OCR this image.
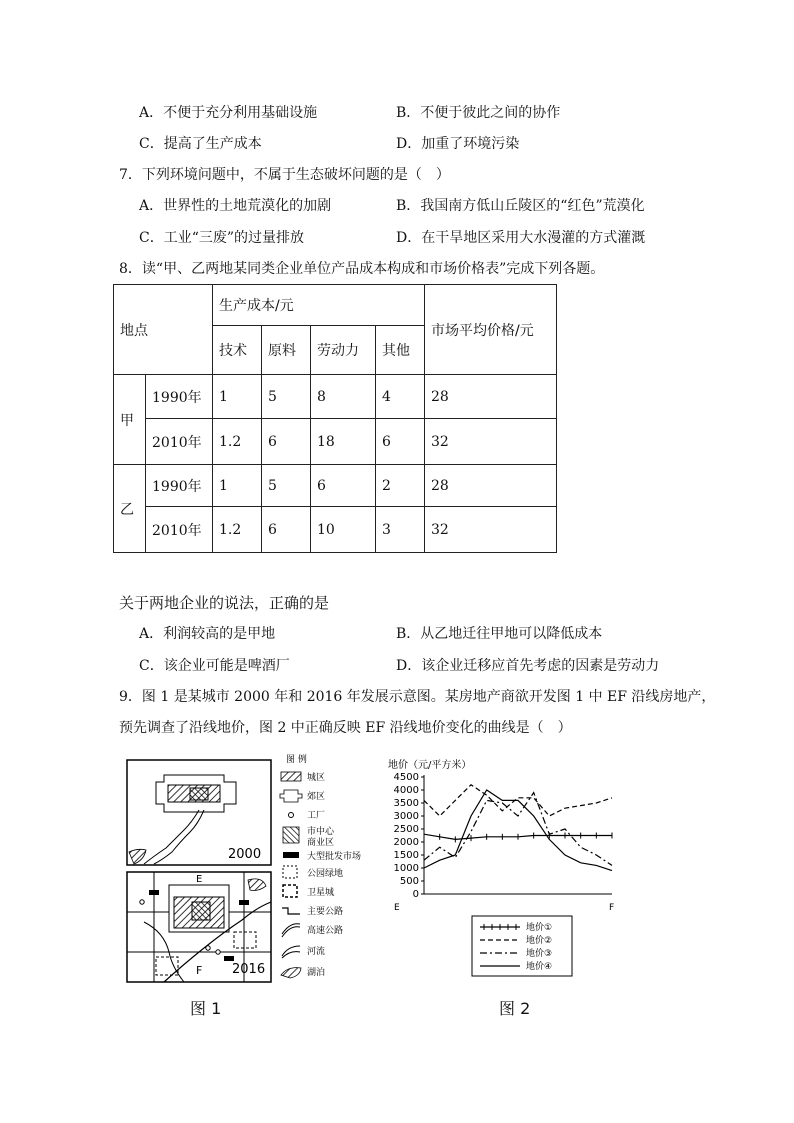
A．不便于充分利用基础设施	B．不便于彼此之间的协作
C．提高了生产成本	D．加重了环境污染
7．下列环境问题中，不属于生态破坏问题的是（　）
A．世界性的土地荒漠化的加剧	B．我国南方低山丘陵区的“红色”荒漠化
C．工业“三废”的过量排放	D．在干旱地区采用大水漫灌的方式灌溉
8．读“甲、乙两地某同类企业单位产品成本构成和市场价格表”完成下列各题。
地点		生产成本/元				市场平均价格/元
		技术	原料	劳动力	其他	
甲	1990年	1	5	8	4	28
	2010年	1.2	6	18	6	32
乙	1990年	1	5	6	2	28
	2010年	1.2	6	10	3	32
关于两地企业的说法，正确的是
A．利润较高的是甲地	B．从乙地迁往甲地可以降低成本
C．该企业可能是啤酒厂	D．该企业迁移应首先考虑的因素是劳动力
9．图 1 是某城市 2000 年和 2016 年发展示意图。某房地产商欲开发图 1 中 EF 沿线房地产，
预先调查了沿线地价，图 2 中正确反映 EF 沿线地价变化的曲线是（　）
2000
E
F 2016
图 例
城区
郊区
工厂
市中心
商业区
大型批发市场
公园绿地
卫星城
主要公路
高速公路
河流
湖泊
地价（元/平方米）
4500
4000
3500
3000
2500
2000
1500
1000
500
0
E	F
地价①
地价②
地价③
地价④
图 1	图 2
